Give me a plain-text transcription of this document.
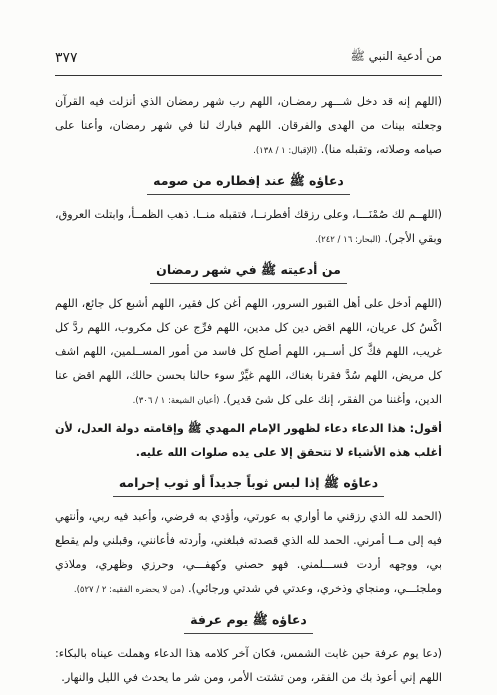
من أدعية النبي ﷺ
٣٧٧

(اللهم إنه قد دخل شـــهر رمضـان، اللهم رب شهر رمضان الذي أنزلت فيه القرآن وجعلته بينات من الهدى والفرقان. اللهم فبارك لنا في شهر رمضان، وأعنا على صيامه وصلاته، وتقبله منا). (الإقبال: ١ / ١٣٨).

دعاؤه ﷺ عند إفطاره من صومه

(اللهــم لك صُمْنَـــا، وعلى رزقك أفطرنــا، فتقبله منــا. ذهب الظمــأ، وابتلت العروق، وبقي الأجر). (البحار: ١٦ / ٢٤٢).

من أدعيته ﷺ في شهر رمضان

(اللهم أدخل على أهل القبور السرور، اللهم أغن كل فقير، اللهم أشبع كل جائع، اللهم اكْسُ كل عريان، اللهم اقض دين كل مدين، اللهم فرِّج عن كل مكروب، اللهم ردَّ كل غريب، اللهم فكَّ كل أســير، اللهم أصلح كل فاسد من أمور المســلمين، اللهم اشف كل مريض، اللهم سُدَّ فقرنا بغناك، اللهم غيِّرْ سوء حالنا بحسن حالك، اللهم اقض عنا الدين، وأغننا من الفقر، إنك على كل شئ قدير). (أعيان الشيعة: ١ / ٣٠٦).

أقول: هذا الدعاء دعاء لظهور الإمام المهدي ﷺ وإقامته دولة العدل، لأن أغلب هذه الأشياء لا تتحقق إلا على يده صلوات الله عليه.

دعاؤه ﷺ إذا لبس ثوباً جديداً أو ثوب إحرامه

(الحمد لله الذي رزقني ما أواري به عورتي، وأؤدي به فرضي، وأعبد فيه ربي، وأنتهي فيه إلى مــا أمرني. الحمد لله الذي قصدته فبلغني، وأردته فأعانني، وقبلني ولم يقطع بي، ووجهه أردت فســـلمني. فهو حصني وكهفـــي، وحرزي وظهري، وملاذي وملجئـــي، ومنجاي وذخري، وعدتي في شدتي ورجائي). (من لا يحضره الفقيه: ٢ / ٥٢٧).

دعاؤه ﷺ يوم عرفة

(دعا يوم عرفة حين غابت الشمس، فكان آخر كلامه هذا الدعاء وهملت عيناه بالبكاء: اللهم إني أعوذ بك من الفقر، ومن تشتت الأمر، ومن شر ما يحدث في الليل والنهار.
